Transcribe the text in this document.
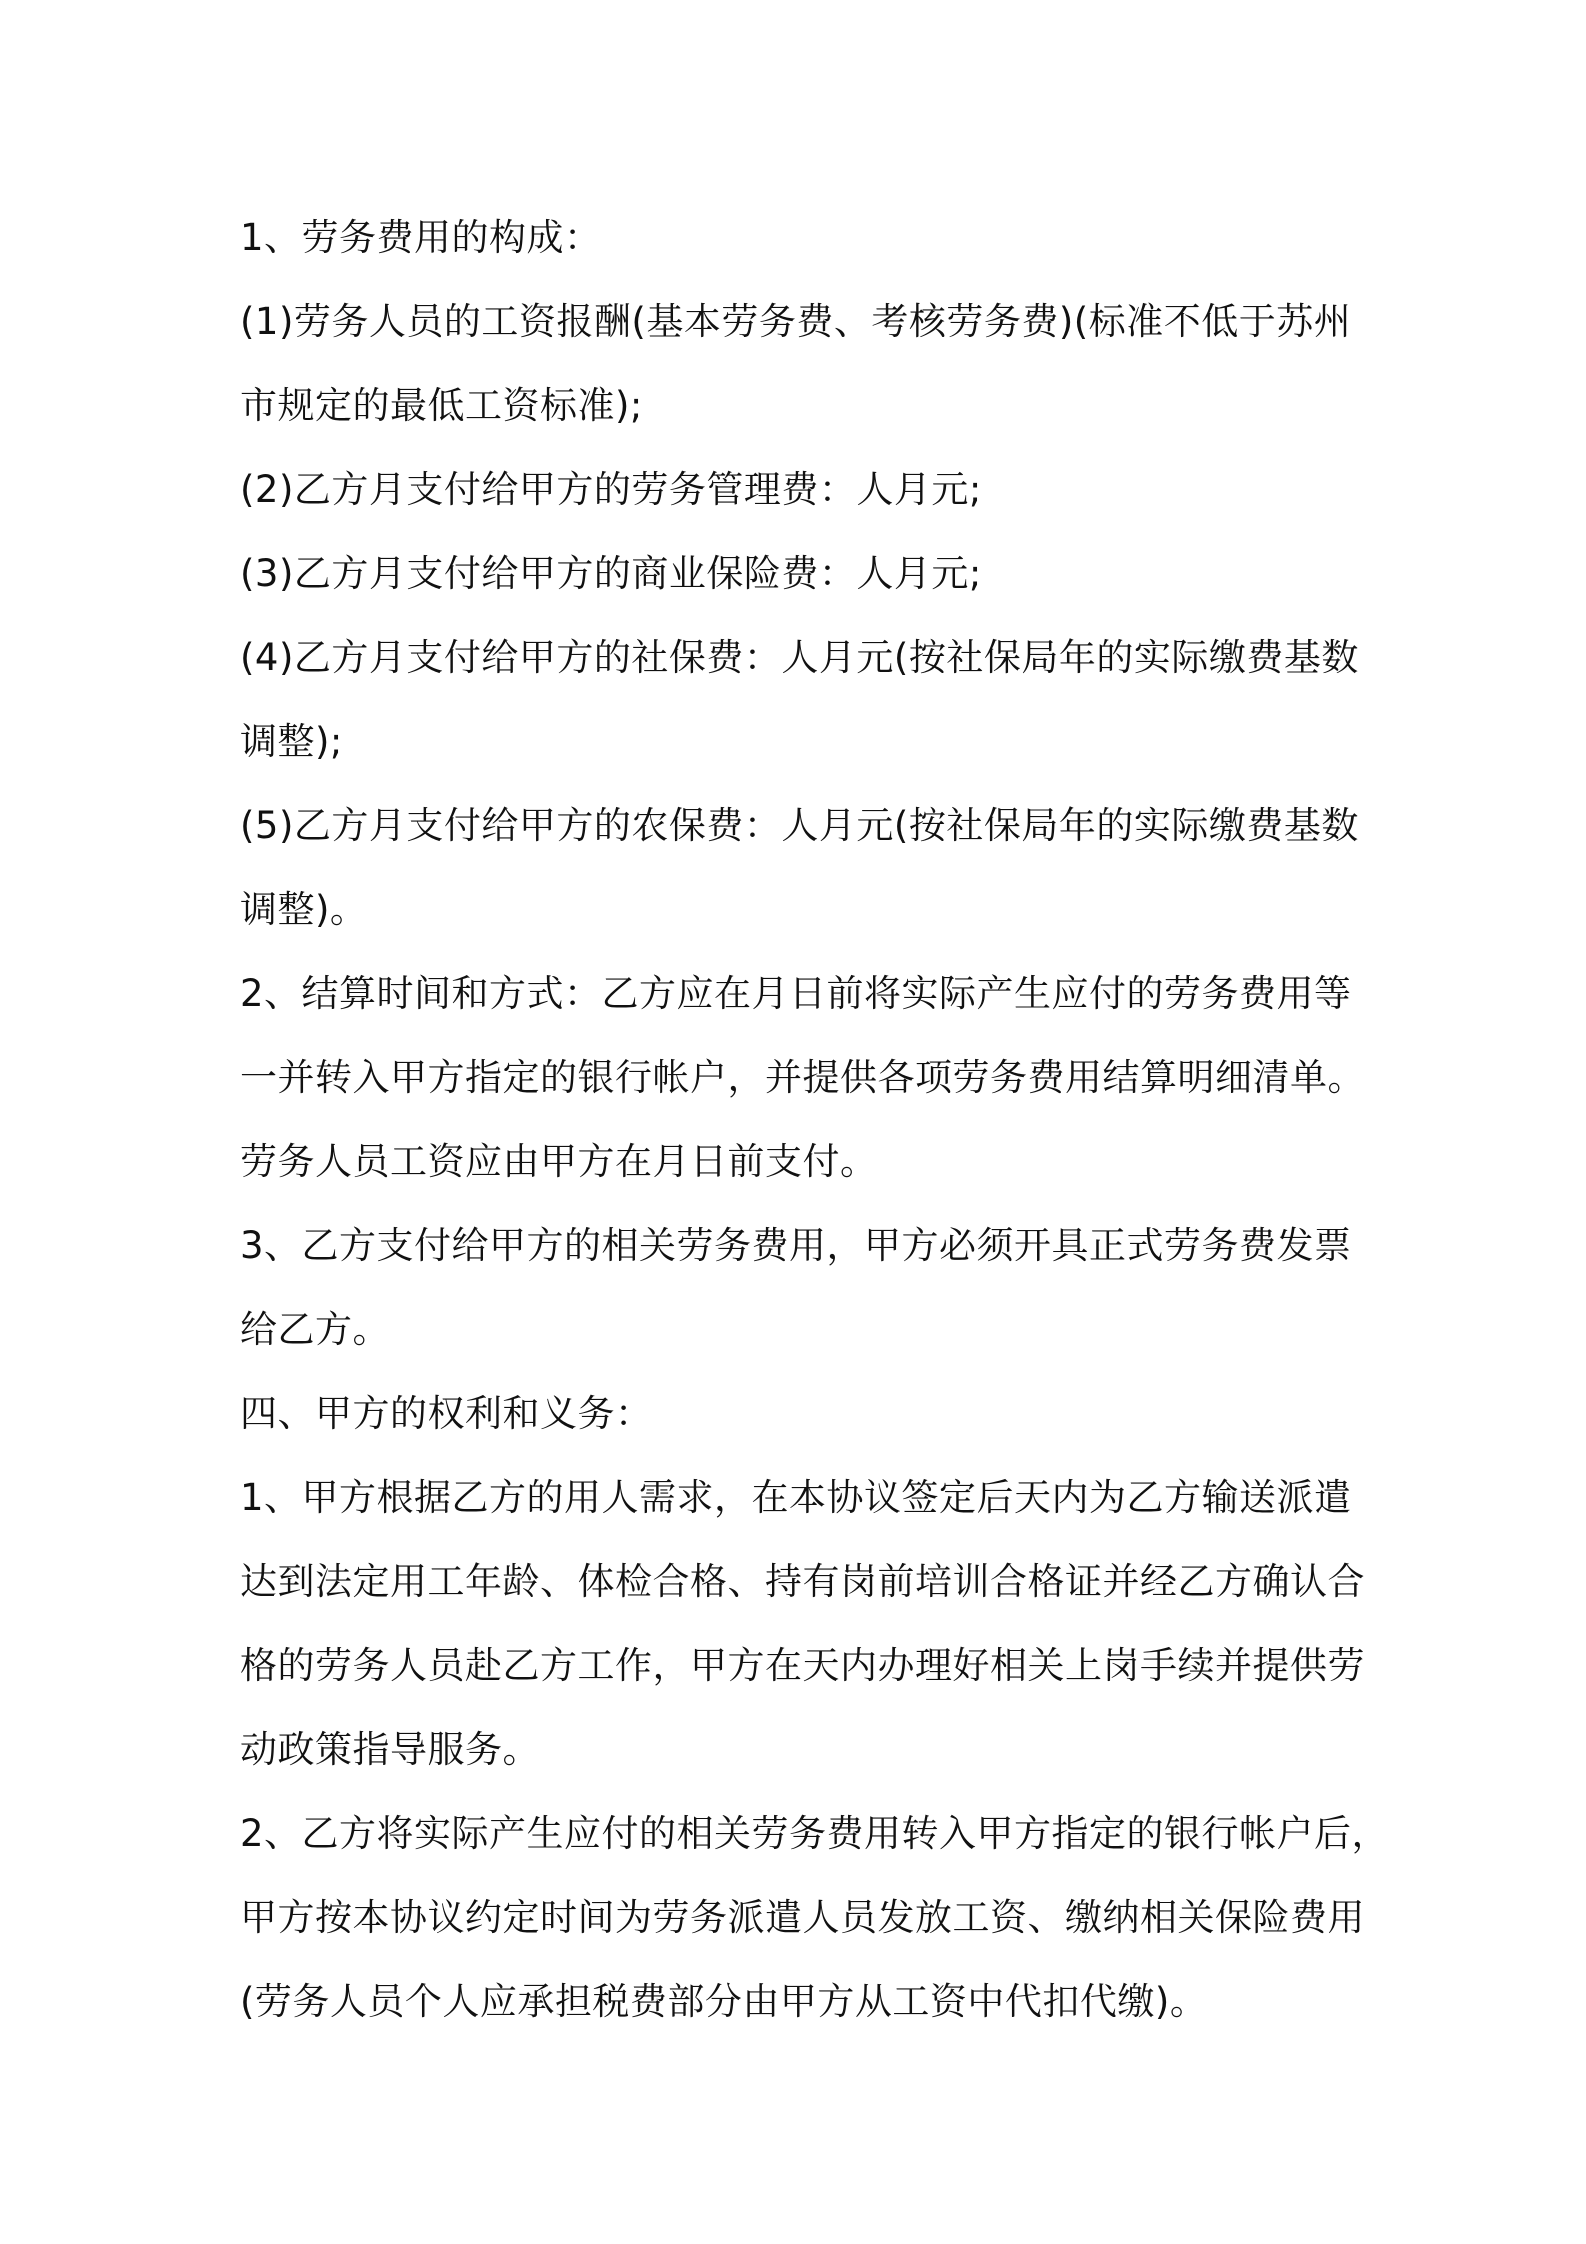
1、劳务费用的构成：
(1)劳务人员的工资报酬(基本劳务费、考核劳务费)(标准不低于苏州
市规定的最低工资标准);
(2)乙方月支付给甲方的劳务管理费：人月元;
(3)乙方月支付给甲方的商业保险费：人月元;
(4)乙方月支付给甲方的社保费：人月元(按社保局年的实际缴费基数
调整);
(5)乙方月支付给甲方的农保费：人月元(按社保局年的实际缴费基数
调整)。
2、结算时间和方式：乙方应在月日前将实际产生应付的劳务费用等
一并转入甲方指定的银行帐户，并提供各项劳务费用结算明细清单。
劳务人员工资应由甲方在月日前支付。
3、乙方支付给甲方的相关劳务费用，甲方必须开具正式劳务费发票
给乙方。
四、甲方的权利和义务：
1、甲方根据乙方的用人需求，在本协议签定后天内为乙方输送派遣
达到法定用工年龄、体检合格、持有岗前培训合格证并经乙方确认合
格的劳务人员赴乙方工作，甲方在天内办理好相关上岗手续并提供劳
动政策指导服务。
2、乙方将实际产生应付的相关劳务费用转入甲方指定的银行帐户后，
甲方按本协议约定时间为劳务派遣人员发放工资、缴纳相关保险费用
(劳务人员个人应承担税费部分由甲方从工资中代扣代缴)。
